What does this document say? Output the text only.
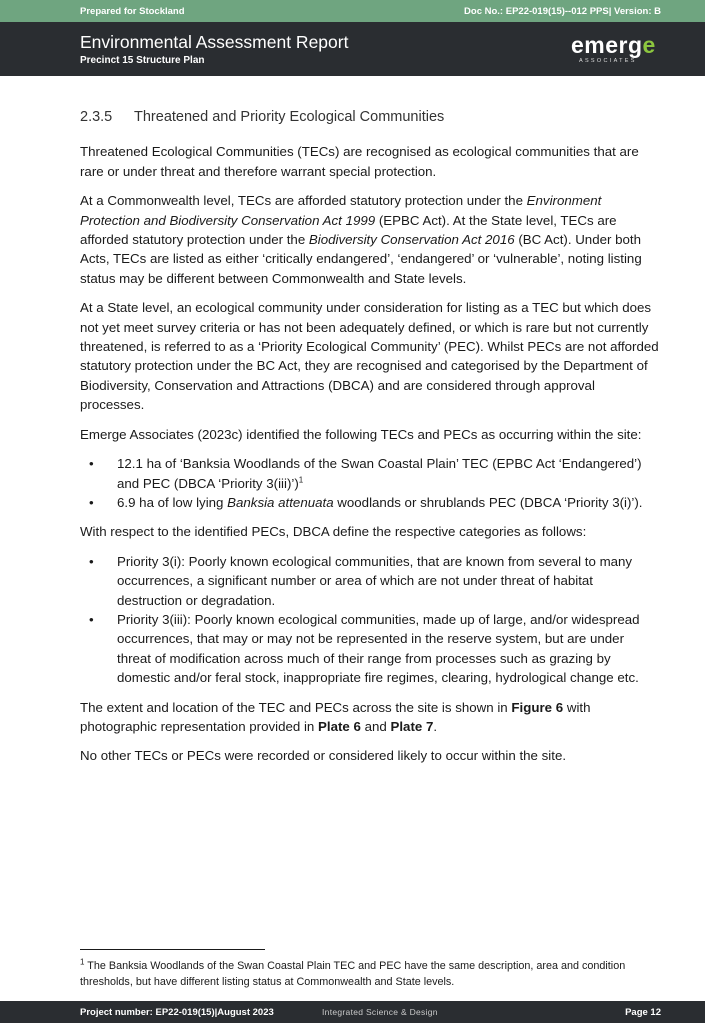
Prepared for Stockland	Doc No.: EP22-019(15)--012 PPS| Version: B
Environmental Assessment Report
Precinct 15 Structure Plan
emerge
ASSOCIATES
2.3.5	Threatened and Priority Ecological Communities

Threatened Ecological Communities (TECs) are recognised as ecological communities that are rare or under threat and therefore warrant special protection.

At a Commonwealth level, TECs are afforded statutory protection under the Environment Protection and Biodiversity Conservation Act 1999 (EPBC Act). At the State level, TECs are afforded statutory protection under the Biodiversity Conservation Act 2016 (BC Act). Under both Acts, TECs are listed as either ‘critically endangered’, ‘endangered’ or ‘vulnerable’, noting listing status may be different between Commonwealth and State levels.

At a State level, an ecological community under consideration for listing as a TEC but which does not yet meet survey criteria or has not been adequately defined, or which is rare but not currently threatened, is referred to as a ‘Priority Ecological Community’ (PEC). Whilst PECs are not afforded statutory protection under the BC Act, they are recognised and categorised by the Department of Biodiversity, Conservation and Attractions (DBCA) and are considered through approval processes.

Emerge Associates (2023c) identified the following TECs and PECs as occurring within the site:

• 12.1 ha of ‘Banksia Woodlands of the Swan Coastal Plain’ TEC (EPBC Act ‘Endangered’) and PEC (DBCA ‘Priority 3(iii)’)$^1$
• 6.9 ha of low lying Banksia attenuata woodlands or shrublands PEC (DBCA ‘Priority 3(i)’).

With respect to the identified PECs, DBCA define the respective categories as follows:

• Priority 3(i): Poorly known ecological communities, that are known from several to many occurrences, a significant number or area of which are not under threat of habitat destruction or degradation.
• Priority 3(iii): Poorly known ecological communities, made up of large, and/or widespread occurrences, that may or may not be represented in the reserve system, but are under threat of modification across much of their range from processes such as grazing by domestic and/or feral stock, inappropriate fire regimes, clearing, hydrological change etc.

The extent and location of the TEC and PECs across the site is shown in Figure 6 with photographic representation provided in Plate 6 and Plate 7.

No other TECs or PECs were recorded or considered likely to occur within the site.

$^1$ The Banksia Woodlands of the Swan Coastal Plain TEC and PEC have the same description, area and condition thresholds, but have different listing status at Commonwealth and State levels.
Project number: EP22-019(15)|August 2023	Integrated Science & Design	Page 12
